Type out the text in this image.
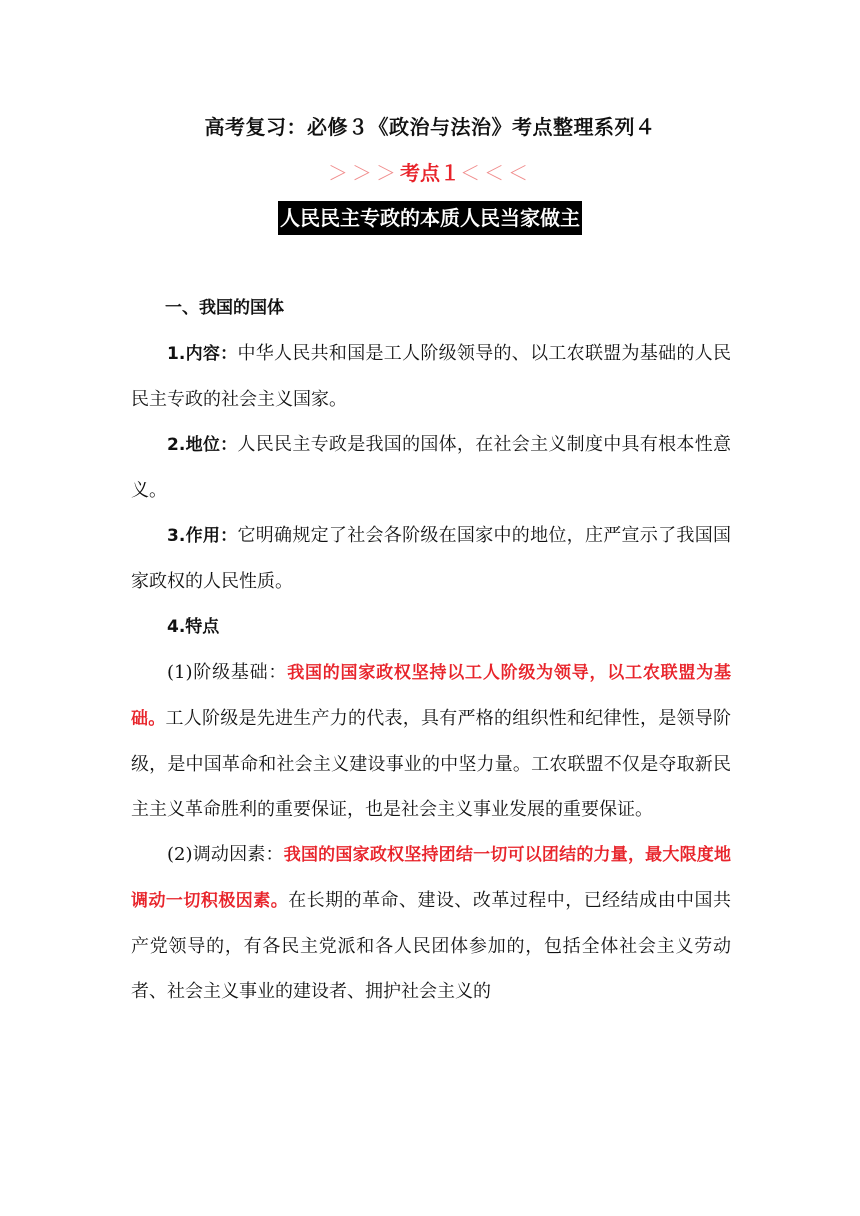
高考复习：必修３《政治与法治》考点整理系列４
＞＞＞考点１＜＜＜
人民民主专政的本质人民当家做主

一、我国的国体

1.内容：中华人民共和国是工人阶级领导的、以工农联盟为基础的人民民主专政的社会主义国家。

2.地位：人民民主专政是我国的国体，在社会主义制度中具有根本性意义。

3.作用：它明确规定了社会各阶级在国家中的地位，庄严宣示了我国国家政权的人民性质。

4.特点

(1)阶级基础：我国的国家政权坚持以工人阶级为领导，以工农联盟为基础。工人阶级是先进生产力的代表，具有严格的组织性和纪律性，是领导阶级，是中国革命和社会主义建设事业的中坚力量。工农联盟不仅是夺取新民主主义革命胜利的重要保证，也是社会主义事业发展的重要保证。

(2)调动因素：我国的国家政权坚持团结一切可以团结的力量，最大限度地调动一切积极因素。在长期的革命、建设、改革过程中，已经结成由中国共产党领导的，有各民主党派和各人民团体参加的，包括全体社会主义劳动者、社会主义事业的建设者、拥护社会主义的
